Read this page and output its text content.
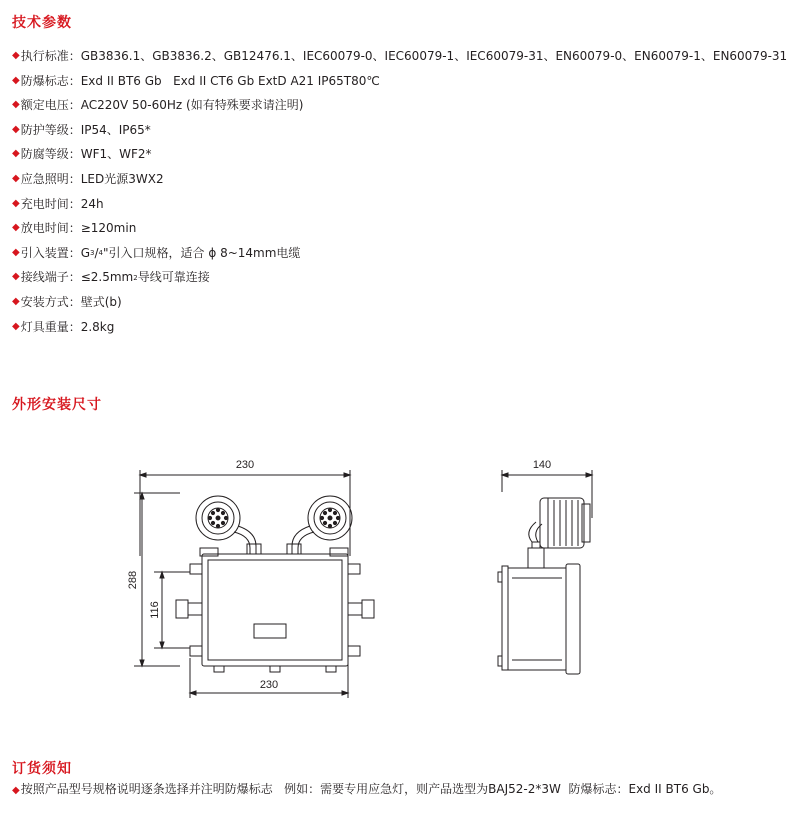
技术参数
◆ 执行标准： GB3836.1、GB3836.2、GB12476.1、IEC60079-0、IEC60079-1、IEC60079-31、EN60079-0、EN60079-1、EN60079-31
◆ 防爆标志： Exd II BT6 Gb   Exd II CT6 Gb ExtD A21 IP65T80℃
◆ 额定电压： AC220V 50-60Hz (如有特殊要求请注明)
◆ 防护等级： IP54、IP65*
◆ 防腐等级： WF1、WF2*
◆ 应急照明： LED光源3WX2
◆ 充电时间： 24h
◆ 放电时间： ≥120min
◆ 引入装置： G 3 / 4 "引入口规格，适合 ϕ 8~14mm电缆
◆ 接线端子： ≤2.5mm 2 导线可靠连接
◆ 安装方式： 壁式(b)
◆ 灯具重量： 2.8kg
外形安装尺寸
230
288
116
230
140
订货须知
◆按照产品型号规格说明逐条选择并注明防爆标志   例如：需要专用应急灯，则产品选型为BAJ52-2*3W  防爆标志：Exd II BT6 Gb。
